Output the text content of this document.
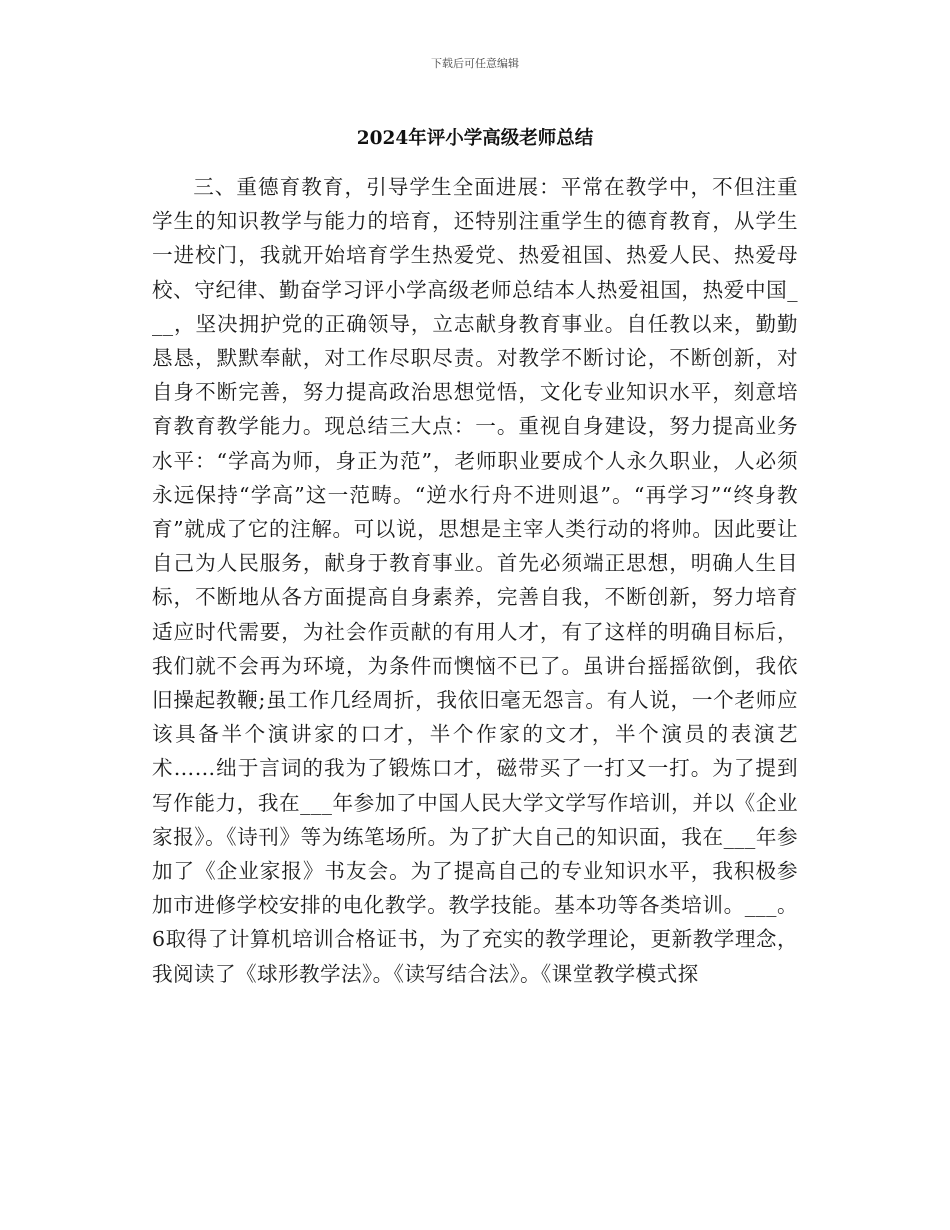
下载后可任意编辑
2024年评小学高级老师总结

三、重德育教育，引导学生全面进展：平常在教学中，不但注重学生的知识教学与能力的培育，还特别注重学生的德育教育，从学生一进校门，我就开始培育学生热爱党、热爱祖国、热爱人民、热爱母校、守纪律、勤奋学习评小学高级老师总结本人热爱祖国，热爱中国___，坚决拥护党的正确领导，立志献身教育事业。自任教以来，勤勤恳恳，默默奉献，对工作尽职尽责。对教学不断讨论，不断创新，对自身不断完善，努力提高政治思想觉悟，文化专业知识水平，刻意培育教育教学能力。现总结三大点：一。重视自身建设，努力提高业务水平：“学高为师，身正为范”，老师职业要成个人永久职业，人必须永远保持“学高”这一范畴。“逆水行舟不进则退”。“再学习”“终身教育”就成了它的注解。可以说，思想是主宰人类行动的将帅。因此要让自己为人民服务，献身于教育事业。首先必须端正思想，明确人生目标，不断地从各方面提高自身素养，完善自我，不断创新，努力培育适应时代需要，为社会作贡献的有用人才，有了这样的明确目标后，我们就不会再为环境，为条件而懊恼不已了。虽讲台摇摇欲倒，我依旧操起教鞭;虽工作几经周折，我依旧毫无怨言。有人说，一个老师应该具备半个演讲家的口才，半个作家的文才，半个演员的表演艺术……绌于言词的我为了锻炼口才，磁带买了一打又一打。为了提到写作能力，我在___年参加了中国人民大学文学写作培训，并以《企业家报》。《诗刊》等为练笔场所。为了扩大自己的知识面，我在___年参加了《企业家报》书友会。为了提高自己的专业知识水平，我积极参加市进修学校安排的电化教学。教学技能。基本功等各类培训。___。6取得了计算机培训合格证书，为了充实的教学理论，更新教学理念，我阅读了《球形教学法》。《读写结合法》。《课堂教学模式探
